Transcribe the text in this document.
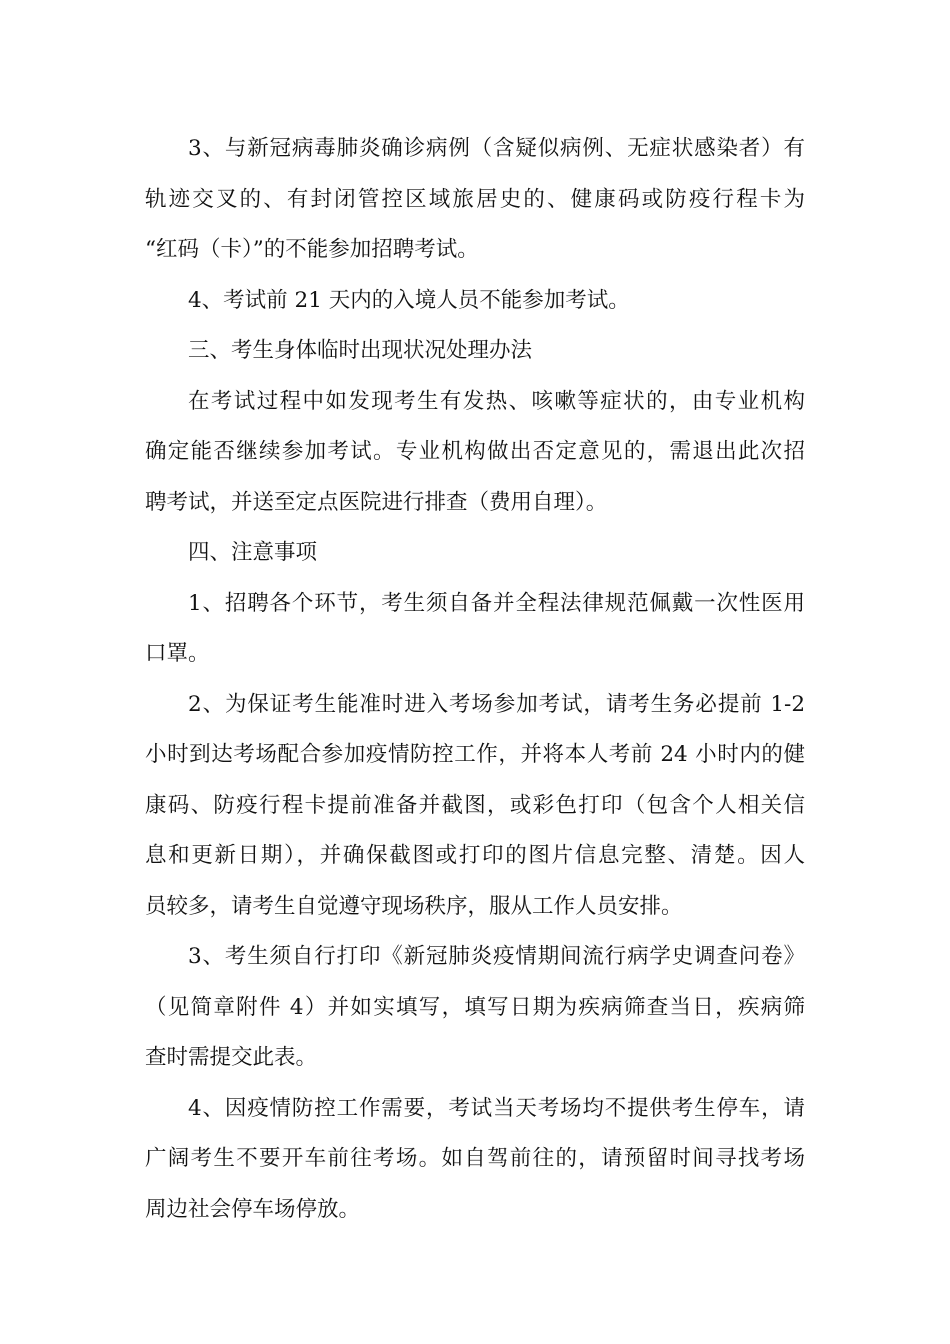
3、与新冠病毒肺炎确诊病例（含疑似病例、无症状感染者）有
轨迹交叉的、有封闭管控区域旅居史的、健康码或防疫行程卡为
“红码（卡）”的不能参加招聘考试。
4、考试前 21 天内的入境人员不能参加考试。
三、考生身体临时出现状况处理办法
在考试过程中如发现考生有发热、咳嗽等症状的，由专业机构
确定能否继续参加考试。专业机构做出否定意见的，需退出此次招
聘考试，并送至定点医院进行排查（费用自理）。
四、注意事项
1、招聘各个环节，考生须自备并全程法律规范佩戴一次性医用
口罩。
2、为保证考生能准时进入考场参加考试，请考生务必提前 1-2
小时到达考场配合参加疫情防控工作，并将本人考前 24 小时内的健
康码、防疫行程卡提前准备并截图，或彩色打印（包含个人相关信
息和更新日期），并确保截图或打印的图片信息完整、清楚。因人
员较多，请考生自觉遵守现场秩序，服从工作人员安排。
3、考生须自行打印《新冠肺炎疫情期间流行病学史调查问卷》
（见简章附件 4）并如实填写，填写日期为疾病筛查当日，疾病筛
查时需提交此表。
4、因疫情防控工作需要，考试当天考场均不提供考生停车，请
广阔考生不要开车前往考场。如自驾前往的，请预留时间寻找考场
周边社会停车场停放。
